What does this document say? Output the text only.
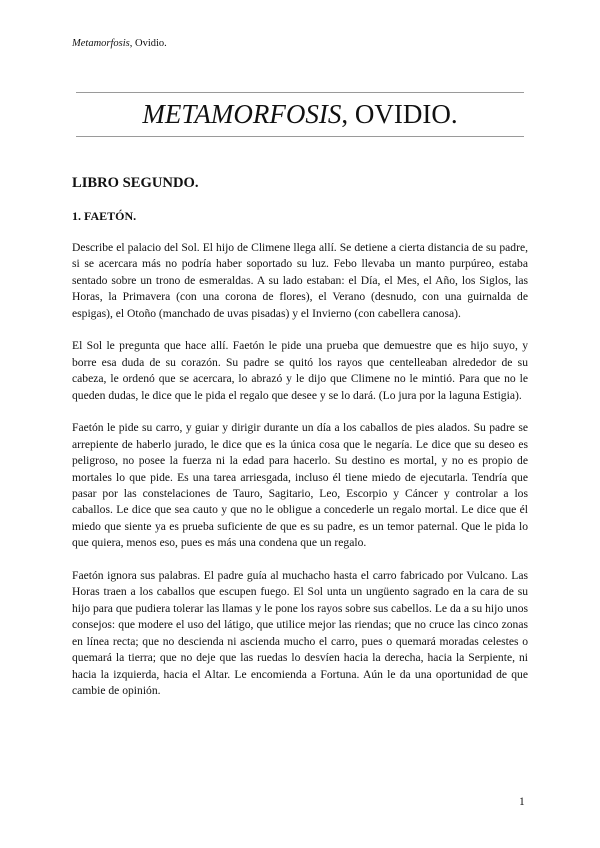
Metamorfosis, Ovidio.
METAMORFOSIS, OVIDIO.
LIBRO SEGUNDO.
1. FAETÓN.

Describe el palacio del Sol. El hijo de Climene llega allí. Se detiene a cierta distancia de su padre, si se acercara más no podría haber soportado su luz. Febo llevaba un manto purpúreo, estaba sentado sobre un trono de esmeraldas. A su lado estaban: el Día, el Mes, el Año, los Siglos, las Horas, la Primavera (con una corona de flores), el Verano (desnudo, con una guirnalda de espigas), el Otoño (manchado de uvas pisadas) y el Invierno (con cabellera canosa).

El Sol le pregunta que hace allí. Faetón le pide una prueba que demuestre que es hijo suyo, y borre esa duda de su corazón. Su padre se quitó los rayos que centelleaban alrededor de su cabeza, le ordenó que se acercara, lo abrazó y le dijo que Climene no le mintió. Para que no le queden dudas, le dice que le pida el regalo que desee y se lo dará. (Lo jura por la laguna Estigia).

Faetón le pide su carro, y guiar y dirigir durante un día a los caballos de pies alados. Su padre se arrepiente de haberlo jurado, le dice que es la única cosa que le negaría. Le dice que su deseo es peligroso, no posee la fuerza ni la edad para hacerlo. Su destino es mortal, y no es propio de mortales lo que pide. Es una tarea arriesgada, incluso él tiene miedo de ejecutarla. Tendría que pasar por las constelaciones de Tauro, Sagitario, Leo, Escorpio y Cáncer y controlar a los caballos. Le dice que sea cauto y que no le obligue a concederle un regalo mortal. Le dice que él miedo que siente ya es prueba suficiente de que es su padre, es un temor paternal. Que le pida lo que quiera, menos eso, pues es más una condena que un regalo.

Faetón ignora sus palabras. El padre guía al muchacho hasta el carro fabricado por Vulcano. Las Horas traen a los caballos que escupen fuego. El Sol unta un ungüento sagrado en la cara de su hijo para que pudiera tolerar las llamas y le pone los rayos sobre sus cabellos. Le da a su hijo unos consejos: que modere el uso del látigo, que utilice mejor las riendas; que no cruce las cinco zonas en línea recta; que no descienda ni ascienda mucho el carro, pues o quemará moradas celestes o quemará la tierra; que no deje que las ruedas lo desvíen hacia la derecha, hacia la Serpiente, ni hacia la izquierda, hacia el Altar. Le encomienda a Fortuna. Aún le da una oportunidad de que cambie de opinión.

1
